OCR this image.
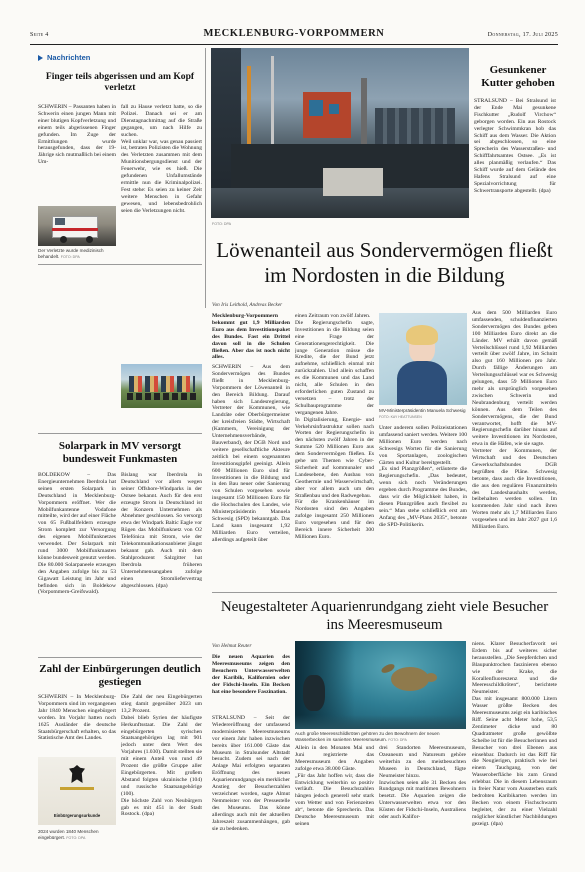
Seite 4	MECKLENBURG-VORPOMMERN	Donnerstag, 17. Juli 2025
Nachrichten
Finger teils abgerissen und am Kopf verletzt
SCHWERIN – Passanten haben in Schwerin einen jungen Mann mit einer blutigen Kopfverletzung und einem teils abgerissenen Finger gefunden. Im Zuge der Ermittlungen wurde herausgefunden, dass der 19-Jährige sich mutmaßlich bei einem Um-
fall zu Hause verletzt hatte, so die Polizei. Danach sei er am Dienstagnachmittag auf die Straße gegangen, um nach Hilfe zu suchen.
Weil unklar war, was genau passiert ist, betraten Polizisten die Wohnung des Verletzten zusammen mit dem Munitionsbergungsdienst und der Feuerwehr, wie es hieß. Die gefundenen Unfallumstände ermittle nun die Kriminalpolizei. Fest stehe: Es seien zu keiner Zeit weitere Menschen in Gefahr gewesen, und lebensbedrohlich seien die Verletzungen nicht.
Der Verletzte wurde medizinisch behandelt. FOTO: DPA
Solarpark in MV versorgt bundesweit Funkmasten
BOLDEKOW – Das Energieunternehmen Iberdrola hat seinen ersten Solarpark in Deutschland in Mecklenburg-Vorpommern eröffnet. Wer die Mobilfunkantenne Vodafone mitteilte, wird der auf einer Fläche von 65 Fußballfeldern erzeugte Strom komplett zur Versorgung des eigenen Mobilfunknetzes verwendet. Der Solarpark mit rund 3000 Mobilfunkmasten könne bundesweit genutzt werden. Die 80.000 Solarpaneele erzeugen den Angaben zufolge bis zu 53 Gigawatt Leistung im Jahr und befinden sich in Boldekow (Vorpommern-Greifswald).
Bislang war Iberdrola in Deutschland vor allem wegen seiner Offshore-Windparks in der Ostsee bekannt. Auch für den erst erzeugte Strom in Deutschland ist der Konzern Unternehmen als Abnehmer geschlossen. So versorgt etwa der Windpark Baltic Eagle vor Rügen das Mobilfunknetz von O2 Telefónica mit Strom, wie der Telekommunikationsanbieter jüngst bekannt gab. Auch mit dem Stahlproduzent Salzgitter hat Iberdrola früheren Unternehmensangaben zufolge einen Stromliefervertrag abgeschlossen. (dpa)
Zahl der Einbürgerungen deutlich gestiegen
SCHWERIN – In Mecklenburg-Vorpommern sind im vergangenen Jahr 1840 Menschen eingebürgert worden. Im Vorjahr hatten noch 1625 Ausländer die deutsche Staatsbürgerschaft erhalten, so das Statistische Amt des Landes.
Die Zahl der neu Eingebürgerten stieg damit gegenüber 2023 um 13,2 Prozent.
Dabei blieb Syrien der häufigste Herkunftsstaat. Die Zahl der eingebürgerten syrischen Staatsangehörigen lag mit 901 jedoch unter dem Wert des Vorjahres (1.030). Damit stellten sie mit einem Anteil von rund 49 Prozent die größte Gruppe aller Eingebürgerten. Mit großem Abstand folgten ukrainische (104) und russische Staatsangehörige (100).
Die höchste Zahl von Neubürgern gab es mit 451 in der Stadt Rostock. (dpa)
Einbürgerungsurkunde
2024 wurden 1840 Menschen eingebürgert. FOTO: DPA
FOTO: DPA
Gesunkener Kutter gehoben
STRALSUND – Bei Stralsund ist der Ende Mai gesunkene Fischkutter „Rudolf Virchow“ geborgen worden. Ein aus Rostock verlegter Schwimmkran hob das Schiff aus dem Wasser. Die Aktion sei abgeschlossen, so eine Sprecherin des Wasserstraßen- und Schifffahrtsamtes Ostsee. „Es ist alles planmäßig verlaufen.“ Das Schiff wurde auf dem Gelände des Hafens Stralsund auf eine Spezialvorrichtung für Schwertransporte abgestellt. (dpa)
Löwenanteil aus Sondervermögen fließt im Nordosten in die Bildung
Von Iris Leithold, Andreas Becker
Mecklenburg-Vorpommern bekommt gut 1,9 Milliarden Euro aus dem Investitionspaket des Bundes. Fast ein Drittel davon soll in die Schulen fließen. Aber das ist noch nicht alles.
SCHWERIN – Aus dem Sondervermögen des Bundes fließt in Mecklenburg-Vorpommern der Löwenanteil in den Bereich Bildung. Darauf haben sich Landesregierung, Vertreter der Kommunen, wie Landräte oder Oberbürgermeister der kreisfreien Städte, Wirtschaft (Kammern, Vereinigung der Unternehmensverbände, Bauverband), der DGB Nord und weitere gesellschaftliche Akteure zeitlich bei einem sogenannten Investitionsgipfel geeinigt. Allein 600 Millionen Euro sind für Investitionen in die Bildung und in den Bau neuer oder Sanierung von Schulen vorgesehen sowie insgesamt 150 Millionen Euro für die Hochschulen des Landes, wie Ministerpräsidentin Manuela Schwesig (SPD) bekanntgab. Das Land kann insgesamt 1,92 Milliarden Euro verteilen, allerdings aufgeteilt über
einen Zeitraum von zwölf Jahren.
Die Regierungschefin sagte, Investitionen in die Bildung seien eine Frage der Generationengerechtigkeit. Die junge Generation müsse die Kredite, die der Bund jetzt aufnehme, schließlich einmal mit zurückzahlen. Und allein schaffen es die Kommunen und das Land nicht, alle Schulen in den erforderlichen guten Zustand zu versetzen – trotz der Schulbauprogramme der vergangenen Jahre.
In Digitalisierung, Energie- und Verkehrsinfrastruktur sollen nach Worten der Regierungschefin in den nächsten zwölf Jahren in der Summe 520 Millionen Euro aus dem Sondervermögen fließen. Es gehe um Themen wie Cyber-Sicherheit auf kommunaler und Landesebene, den Ausbau von Geothermie und Wasserwirtschaft, aber vor allem auch um den Straßenbau und den Radwegebau.
Für die Krankenhäuser im Nordosten sind den Angaben zufolge insgesamt 250 Millionen Euro vorgesehen und für den Bereich innere Sicherheit 300 Millionen Euro.
MV-Ministerpräsidentin Manuela Schwesig FOTO: KAY HEATTUNSEN
Unter anderem sollen Polizeistationen umfassend saniert werden. Weitere 100 Millionen Euro werden nach Schwesigs Worten für die Sanierung von Sportanlagen, zoologischen Gärten und Kultur bereitgestellt.
„Es sind Planzgrößen“, erläuterte die Regierungschefin. „Das bedeutet, wenn sich noch Veränderungen ergeben durch Programme des Bundes, dass wir die Möglichkeit haben, in diesen Planzgrößen auch flexibel zu sein.“ Man stehe schließlich erst am Anfang des „MV-Plans 2035“, betonte die SPD-Politikerin.
Aus dem 500 Milliarden Euro umfassenden, schuldenfinanzierten Sondervermögen des Bundes geben 100 Milliarden Euro direkt an die Länder. MV erhält davon gemäß Verteilschlüssel rund 1,92 Milliarden verteilt über zwölf Jahre, im Schnitt also gut 160 Millionen pro Jahr. Durch fällige Änderungen am Verteilungsschlüssel war es Schwesig gelungen, dass 59 Millionen Euro mehr als ursprünglich vorgesehen zwischen Schwerin und Neubrandenburg verteilt werden können. Aus dem Teilen des Sondervermögens, die der Bund verantwortet, hofft die MV-Regierungschefin darüber hinaus auf weitere Investitionen im Nordosten, etwa in die Häfen, wie sie sagte.
Vertreter der Kommunen, der Wirtschaft und des Deutschen Gewerkschaftsbundes DGB begrüßten die Pläne. Schwesig betonte, dass auch die Investitionen, die aus den regulären Finanzmitteln des Landeshaushalts werden, beibehalten werden sollen. Im kommenden Jahr sind nach ihren Worten mehr als 1,7 Milliarden Euro vorgesehen und im Jahr 2027 gut 1,6 Milliarden Euro.
Neugestalteter Aquarienrundgang zieht viele Besucher ins Meeresmuseum
Von Helmut Reuter
Die neuen Aquarien des Meeresmuseums zeigen den Besuchern Unterwasserwelten der Karibik, Kalifornien oder der Fidschi-Inseln. Ein Becken hat eine besondere Faszination.
STRALSUND – Seit der Wiedereröffnung der umfassend modernisierten Meeresmuseums vor einem Jahr haben inzwischen bereits über 161.000 Gäste das Museum in Stralsunder Altstadt besucht. Zudem sei nach der Anlage Mai erfolgten separaten Eröffnung des neuen Aquarienrundgangs ein merklicher Anstieg der Besucherzahlen verzeichnet worden, sagte Almut Nemmeister von der Pressestelle des Museums. Das könne allerdings auch mit der aktuellen Jahreszeit zusammenhängen, gab sie zu bedenken.
Auch große Meeresschildkröten gehören zu den Bewohnern der neuen Wasserbecken im sanierten Meeresmuseum. FOTO: DPA
Allein in den Monaten Mai und Juni registrierte das Meeresmuseum den Angaben zufolge etwa 38.000 Gäste.
„Für das Jahr hoffen wir, dass die Entwicklung weiterhin so positiv verläuft. Die Besuchszahlen hängen jedoch generell sehr stark vom Wetter und von Ferienzeiten ab“, betonte die Sprecherin. Das Deutsche Meeresmuseum mit seinen
drei Standorten Meeresmuseum, Ozeaneum und Natureum gehöre weiterhin zu den meistbesuchten Museen in Deutschland, fügte Neumeister hinzu.
Inzwischen seien alle 31 Becken des Rundgangs mit maritimen Bewohnern besetzt. Die Aquarien zeigen die Unterwasserwelten etwa vor den Küsten der Fidschi-Inseln, Australiens oder auch Kalifor-
niens. Klarer Besucherfavorit sei Erdem bis auf weiteres sicher herausstellen. „Die Seepferdchen und Blaupunktrochen faszinieren ebenso wie der Krake, die Korallenfluoreszenz und die Meeresschildkröten“, berichtete Neumeister.
Das mit insgesamt 800.000 Litern Wasser größte Becken des Meeresmuseums zeigt ein karibisches Riff. Seine acht Meter hohe, 53,5 Zentimeter dicke und 80 Quadratmeter große gewölbte Scheibe ist für die Besucherinnen und Besucher von drei Ebenen aus einsehbar. Dadurch ist das Riff für die Neugierigen, praktisch wie bei einem Tauchgang, von der Wasseroberfläche bis zum Grund erlebbar. Die in diesem Lebensraum in freier Natur vom Aussterben stark bedrohten Karibikarten werden im Becken von einem Fischschwarm begleitet, der zu einer Vielzahl möglicher künstlicher Nachbildungen gezeigt. (dpa)
